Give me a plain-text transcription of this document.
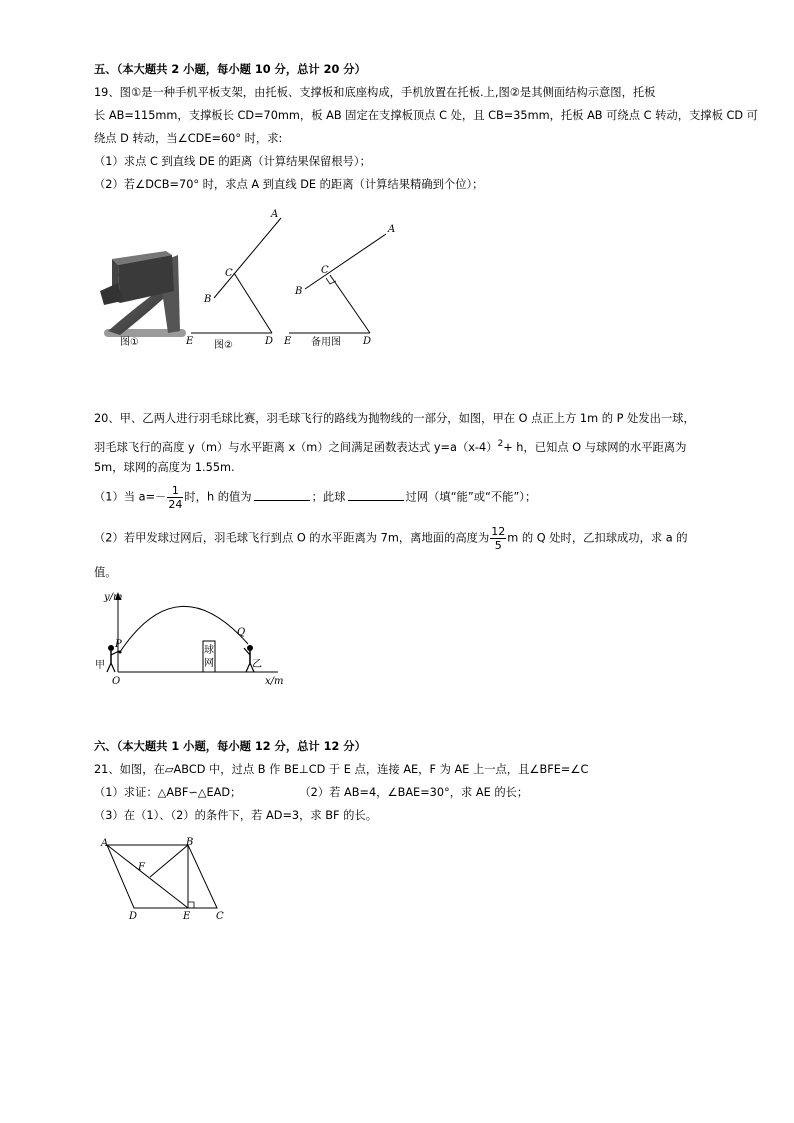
五、（本大题共 2 小题，每小题 10 分，总计 20 分）
19、图①是一种手机平板支架，由托板、支撑板和底座构成，手机放置在托板.上,图②是其侧面结构示意图，托板
长 AB=115mm，支撑板长 CD=70mm，板 AB 固定在支撑板顶点 C 处，且 CB=35mm，托板 AB 可绕点 C 转动，支撑板 CD 可
绕点 D 转动，当∠CDE=60° 时，求:
（1）求点 C 到直线 DE 的距离（计算结果保留根号）；
（2）若∠DCB=70° 时，求点 A 到直线 DE 的距离（计算结果精确到个位）；
图①
A
B
C
D
E 图②
A
B
C
D
E 备用图
20、甲、乙两人进行羽毛球比赛，羽毛球飞行的路线为抛物线的一部分，如图，甲在 O 点正上方 1m 的 P 处发出一球，
羽毛球飞行的高度 y（m）与水平距离 x（m）之间满足函数表达式 $y=a(x-4)^2+ h$，已知点 O 与球网的水平距离为
5m，球网的高度为 1.55m.
（1）当 $a=- \frac{1}{24}$ 时，h 的值为	；此球	过网（填“能”或“不能”）；
（2）若甲发球过网后，羽毛球飞行到点 O 的水平距离为 7m，离地面的高度为 $\frac{12}{5}$ m 的 Q 处时，乙扣球成功，求 a 的
值。
球
网
y/m
x/m
O
P
Q
甲	乙
六、（本大题共 1 小题，每小题 12 分，总计 12 分）
21、如图，在▱ABCD 中，过点 B 作 BE⊥CD 于 E 点，连接 AE，F 为 AE 上一点，且∠BFE=∠C
（1）求证：△ABF∽△EAD；	（2）若 AB=4，∠BAE=30°，求 AE 的长；
（3）在（1）、（2）的条件下，若 AD=3，求 BF 的长。
A	B
F
D	E	C
